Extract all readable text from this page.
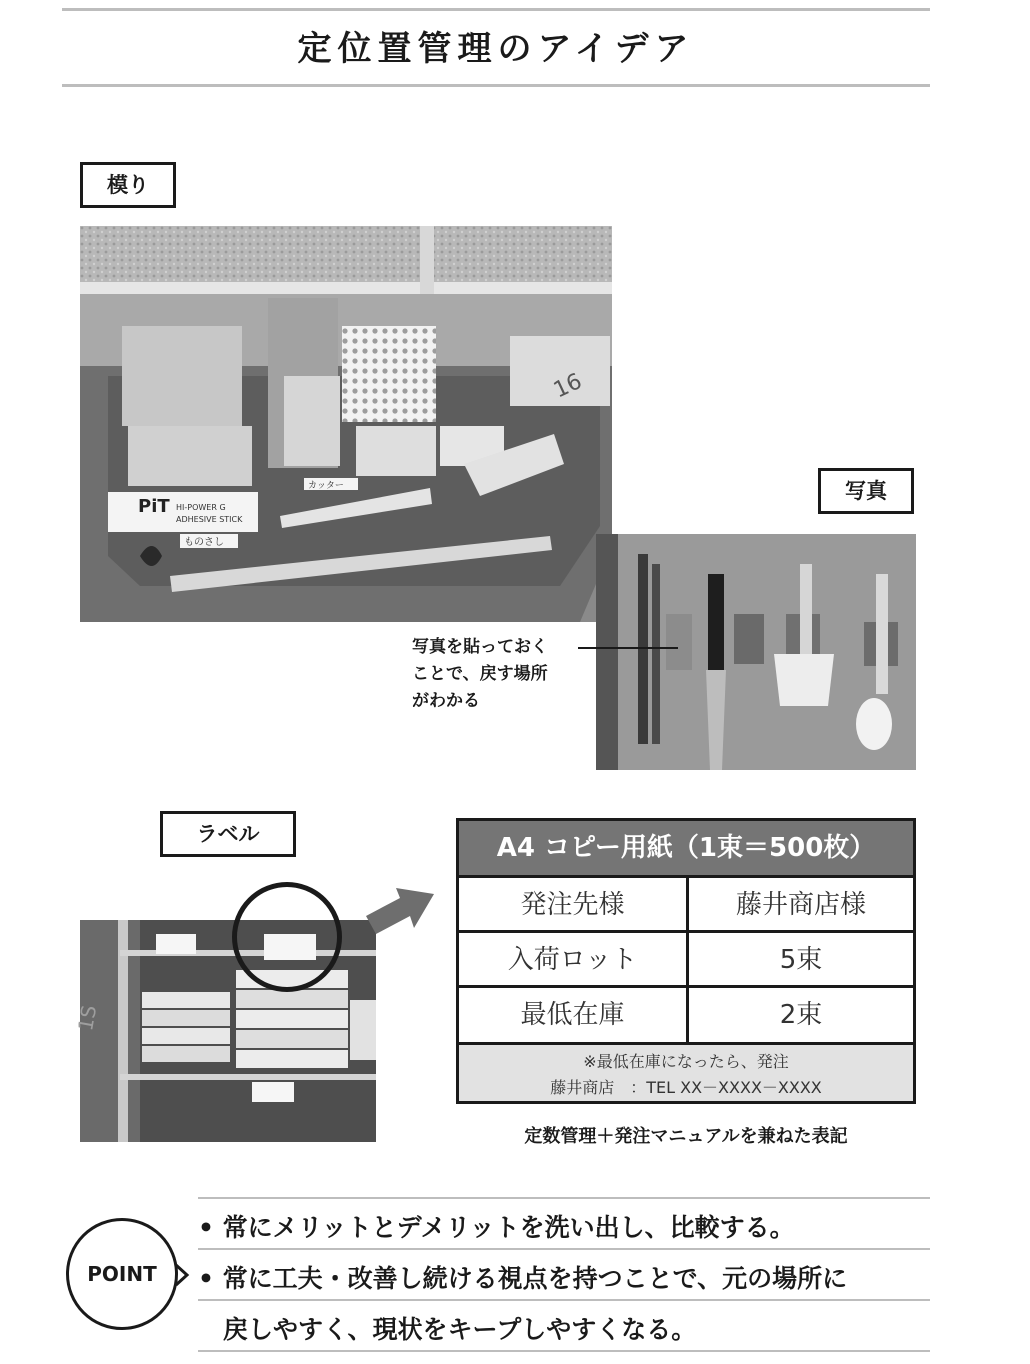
定位置管理のアイデア
模り
16
PiT HI-POWER G
ADHESIVE STICK
ものさし
カッター	写真
写真を貼っておく
ことで、戻す場所
がわかる
ラベル
1S
A4 コピー用紙（1束＝500枚）
発注先様	藤井商店様
入荷ロット	5束
最低在庫	2束
※最低在庫になったら、発注
藤井商店　：TEL XX－XXXX－XXXX
定数管理＋発注マニュアルを兼ねた表記
POINT
• 常にメリットとデメリットを洗い出し、比較する。
• 常に工夫・改善し続ける視点を持つことで、元の場所に
　戻しやすく、現状をキープしやすくなる。
